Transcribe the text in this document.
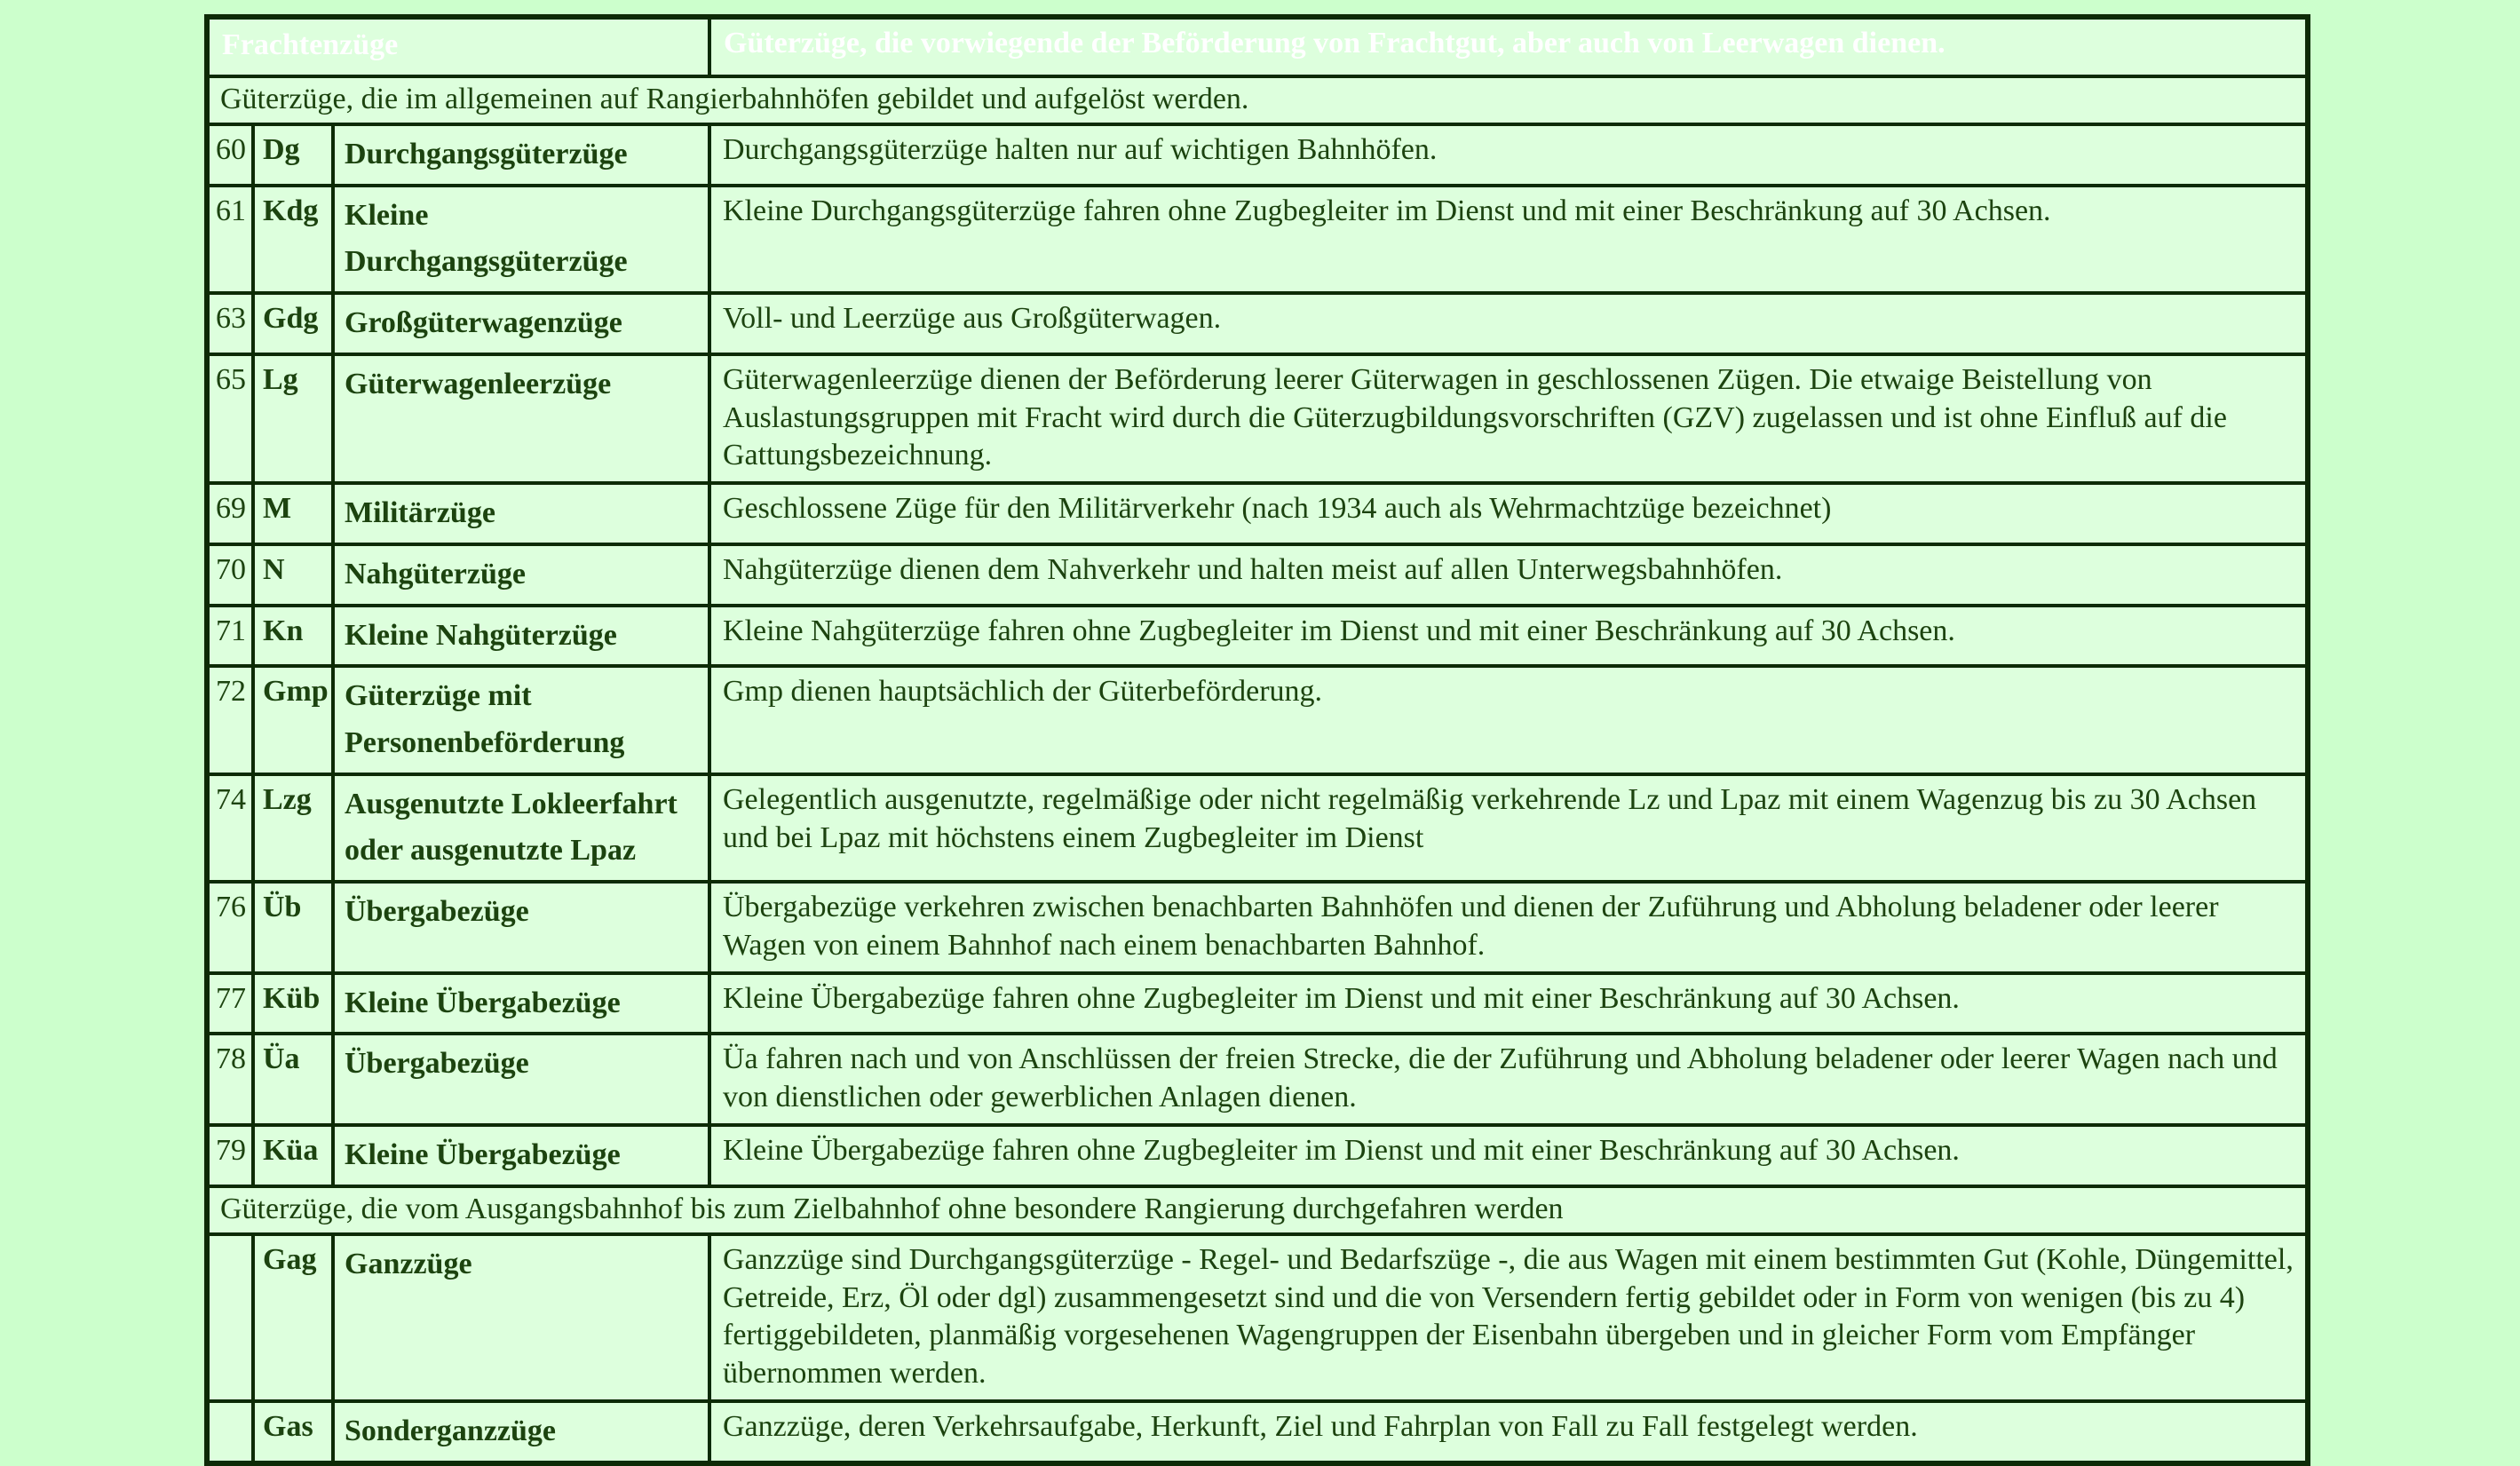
Frachtenzüge			Güterzüge, die vorwiegende der Beförderung von Frachtgut, aber auch von Leerwagen dienen.
Güterzüge, die im allgemeinen auf Rangierbahnhöfen gebildet und aufgelöst werden.			
60	Dg	Durchgangsgüterzüge	Durchgangsgüterzüge halten nur auf wichtigen Bahnhöfen.
61	Kdg	Kleine Durchgangsgüterzüge	Kleine Durchgangsgüterzüge fahren ohne Zugbegleiter im Dienst und mit einer Beschränkung auf 30 Achsen.
63	Gdg	Großgüterwagenzüge	Voll- und Leerzüge aus Großgüterwagen.
65	Lg	Güterwagenleerzüge	Güterwagenleerzüge dienen der Beförderung leerer Güterwagen in geschlossenen Zügen. Die etwaige Beistellung von Auslastungsgruppen mit Fracht wird durch die Güterzugbildungsvorschriften (GZV) zugelassen und ist ohne Einfluß auf die Gattungsbezeichnung.
69	M	Militärzüge	Geschlossene Züge für den Militärverkehr (nach 1934 auch als Wehrmachtzüge bezeichnet)
70	N	Nahgüterzüge	Nahgüterzüge dienen dem Nahverkehr und halten meist auf allen Unterwegsbahnhöfen.
71	Kn	Kleine Nahgüterzüge	Kleine Nahgüterzüge fahren ohne Zugbegleiter im Dienst und mit einer Beschränkung auf 30 Achsen.
72	Gmp	Güterzüge mit Personenbeförderung	Gmp dienen hauptsächlich der Güterbeförderung.
74	Lzg	Ausgenutzte Lokleerfahrt oder ausgenutzte Lpaz	Gelegentlich ausgenutzte, regelmäßige oder nicht regelmäßig verkehrende Lz und Lpaz mit einem Wagenzug bis zu 30 Achsen und bei Lpaz mit höchstens einem Zugbegleiter im Dienst
76	Üb	Übergabezüge	Übergabezüge verkehren zwischen benachbarten Bahnhöfen und dienen der Zuführung und Abholung beladener oder leerer Wagen von einem Bahnhof nach einem benachbarten Bahnhof.
77	Küb	Kleine Übergabezüge	Kleine Übergabezüge fahren ohne Zugbegleiter im Dienst und mit einer Beschränkung auf 30 Achsen.
78	Üa	Übergabezüge	Üa fahren nach und von Anschlüssen der freien Strecke, die der Zuführung und Abholung beladener oder leerer Wagen nach und von dienstlichen oder gewerblichen Anlagen dienen.
79	Küa	Kleine Übergabezüge	Kleine Übergabezüge fahren ohne Zugbegleiter im Dienst und mit einer Beschränkung auf 30 Achsen.
Güterzüge, die vom Ausgangsbahnhof bis zum Zielbahnhof ohne besondere Rangierung durchgefahren werden			
	Gag	Ganzzüge	Ganzzüge sind Durchgangsgüterzüge - Regel- und Bedarfszüge -, die aus Wagen mit einem bestimmten Gut (Kohle, Düngemittel, Getreide, Erz, Öl oder dgl) zusammengesetzt sind und die von Versendern fertig gebildet oder in Form von wenigen (bis zu 4) fertiggebildeten, planmäßig vorgesehenen Wagengruppen der Eisenbahn übergeben und in gleicher Form vom Empfänger übernommen werden.
	Gas	Sonderganzzüge	Ganzzüge, deren Verkehrsaufgabe, Herkunft, Ziel und Fahrplan von Fall zu Fall festgelegt werden.
